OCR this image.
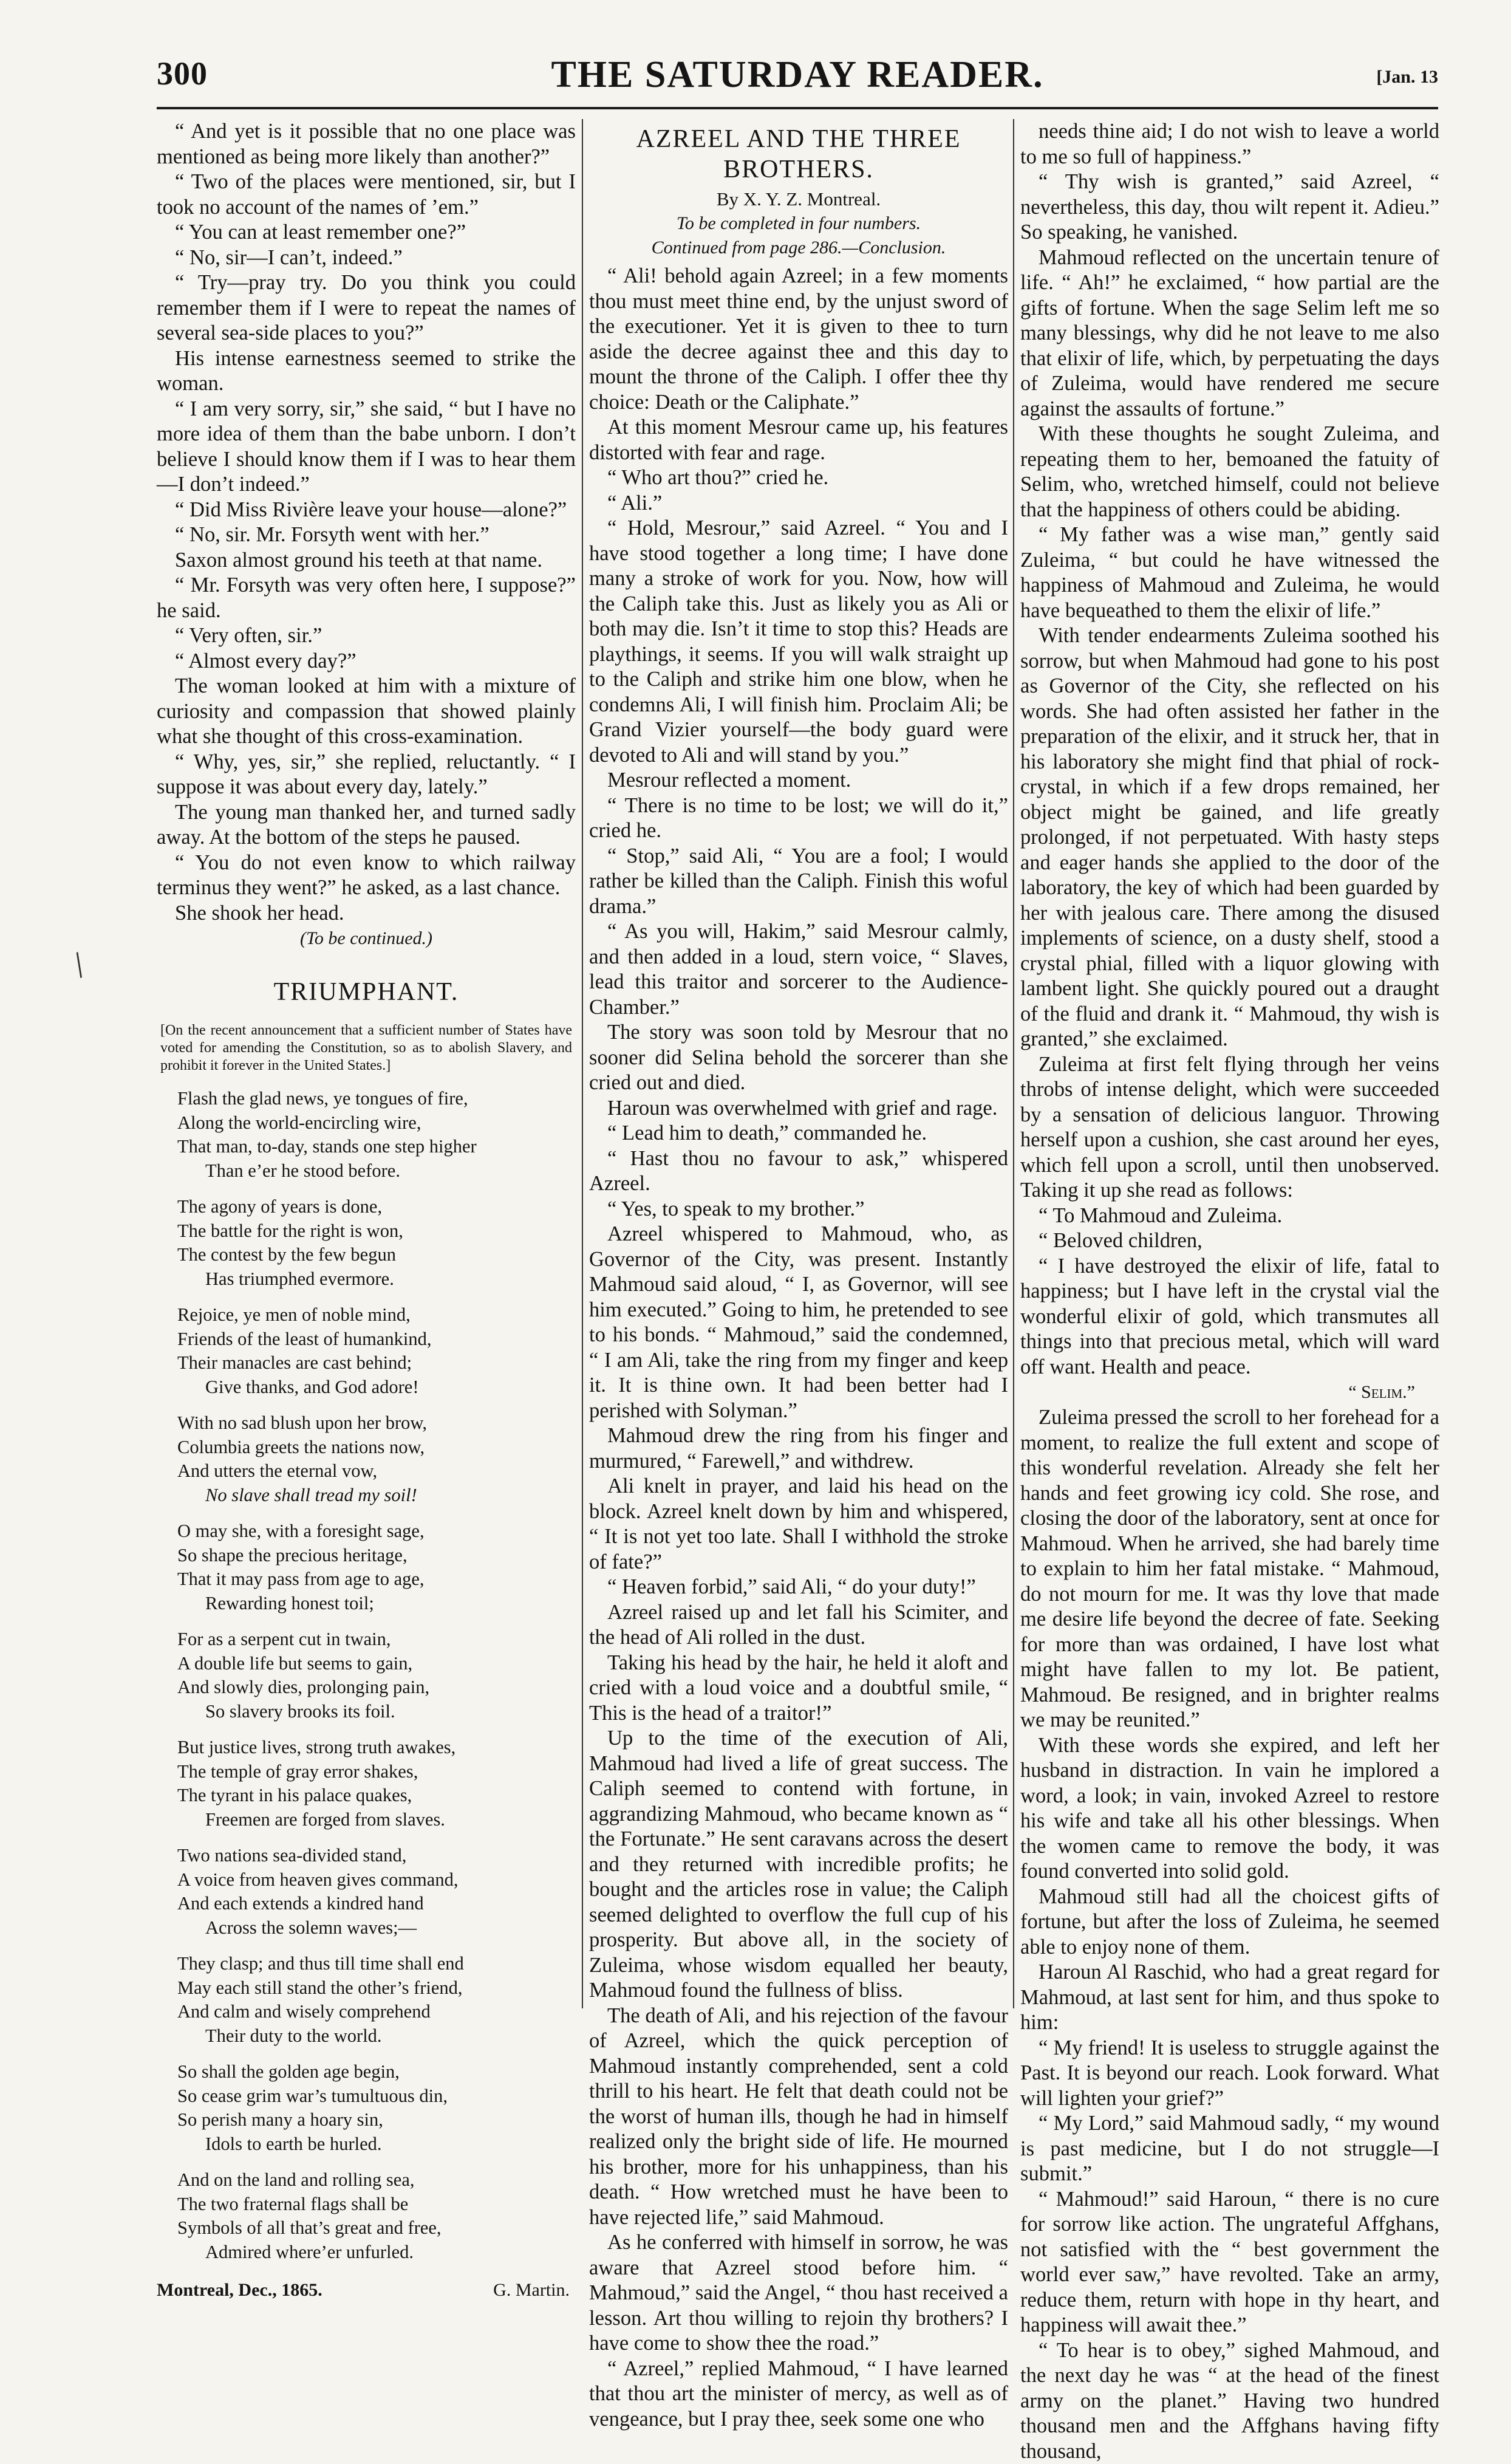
300	THE SATURDAY READER.	[Jan. 13
/

“ And yet is it possible that no one place was mentioned as being more likely than another?”

“ Two of the places were mentioned, sir, but I took no account of the names of ’em.”

“ You can at least remember one?”

“ No, sir—I can’t, indeed.”

“ Try—pray try. Do you think you could remember them if I were to repeat the names of several sea-side places to you?”

His intense earnestness seemed to strike the woman.

“ I am very sorry, sir,” she said, “ but I have no more idea of them than the babe unborn. I don’t believe I should know them if I was to hear them—I don’t indeed.”

“ Did Miss Rivière leave your house—alone?”

“ No, sir. Mr. Forsyth went with her.”

Saxon almost ground his teeth at that name.

“ Mr. Forsyth was very often here, I suppose?” he said.

“ Very often, sir.”

“ Almost every day?”

The woman looked at him with a mixture of curiosity and compassion that showed plainly what she thought of this cross-examination.

“ Why, yes, sir,” she replied, reluctantly. “ I suppose it was about every day, lately.”

The young man thanked her, and turned sadly away. At the bottom of the steps he paused.

“ You do not even know to which railway terminus they went?” he asked, as a last chance.

She shook her head.

(To be continued.)

TRIUMPHANT.
[On the recent announcement that a sufficient number of States have voted for amending the Constitution, so as to abolish Slavery, and prohibit it forever in the United States.]
Flash the glad news, ye tongues of fire,
Along the world-encircling wire,
That man, to-day, stands one step higher
Than e’er he stood before.
The agony of years is done,
The battle for the right is won,
The contest by the few begun
Has triumphed evermore.
Rejoice, ye men of noble mind,
Friends of the least of humankind,
Their manacles are cast behind;
Give thanks, and God adore!
With no sad blush upon her brow,
Columbia greets the nations now,
And utters the eternal vow,
No slave shall tread my soil!
O may she, with a foresight sage,
So shape the precious heritage,
That it may pass from age to age,
Rewarding honest toil;
For as a serpent cut in twain,
A double life but seems to gain,
And slowly dies, prolonging pain,
So slavery brooks its foil.
But justice lives, strong truth awakes,
The temple of gray error shakes,
The tyrant in his palace quakes,
Freemen are forged from slaves.
Two nations sea-divided stand,
A voice from heaven gives command,
And each extends a kindred hand
Across the solemn waves;—
They clasp; and thus till time shall end
May each still stand the other’s friend,
And calm and wisely comprehend
Their duty to the world.
So shall the golden age begin,
So cease grim war’s tumultuous din,
So perish many a hoary sin,
Idols to earth be hurled.
And on the land and rolling sea,
The two fraternal flags shall be
Symbols of all that’s great and free,
Admired where’er unfurled.
Montreal, Dec., 1865.	G. Martin.
AZREEL AND THE THREE BROTHERS.

By X. Y. Z. Montreal.

To be completed in four numbers.

Continued from page 286.—Conclusion.

“ Ali! behold again Azreel; in a few moments thou must meet thine end, by the unjust sword of the executioner. Yet it is given to thee to turn aside the decree against thee and this day to mount the throne of the Caliph. I offer thee thy choice: Death or the Caliphate.”

At this moment Mesrour came up, his features distorted with fear and rage.

“ Who art thou?” cried he.

“ Ali.”

“ Hold, Mesrour,” said Azreel. “ You and I have stood together a long time; I have done many a stroke of work for you. Now, how will the Caliph take this. Just as likely you as Ali or both may die. Isn’t it time to stop this? Heads are playthings, it seems. If you will walk straight up to the Caliph and strike him one blow, when he condemns Ali, I will finish him. Proclaim Ali; be Grand Vizier yourself—the body guard were devoted to Ali and will stand by you.”

Mesrour reflected a moment.

“ There is no time to be lost; we will do it,” cried he.

“ Stop,” said Ali, “ You are a fool; I would rather be killed than the Caliph. Finish this woful drama.”

“ As you will, Hakim,” said Mesrour calmly, and then added in a loud, stern voice, “ Slaves, lead this traitor and sorcerer to the Audience-Chamber.”

The story was soon told by Mesrour that no sooner did Selina behold the sorcerer than she cried out and died.

Haroun was overwhelmed with grief and rage.

“ Lead him to death,” commanded he.

“ Hast thou no favour to ask,” whispered Azreel.

“ Yes, to speak to my brother.”

Azreel whispered to Mahmoud, who, as Governor of the City, was present. Instantly Mahmoud said aloud, “ I, as Governor, will see him executed.” Going to him, he pretended to see to his bonds. “ Mahmoud,” said the condemned, “ I am Ali, take the ring from my finger and keep it. It is thine own. It had been better had I perished with Solyman.”

Mahmoud drew the ring from his finger and murmured, “ Farewell,” and withdrew.

Ali knelt in prayer, and laid his head on the block. Azreel knelt down by him and whispered, “ It is not yet too late. Shall I withhold the stroke of fate?”

“ Heaven forbid,” said Ali, “ do your duty!”

Azreel raised up and let fall his Scimiter, and the head of Ali rolled in the dust.

Taking his head by the hair, he held it aloft and cried with a loud voice and a doubtful smile, “ This is the head of a traitor!”

Up to the time of the execution of Ali, Mahmoud had lived a life of great success. The Caliph seemed to contend with fortune, in aggrandizing Mahmoud, who became known as “ the Fortunate.” He sent caravans across the desert and they returned with incredible profits; he bought and the articles rose in value; the Caliph seemed delighted to overflow the full cup of his prosperity. But above all, in the society of Zuleima, whose wisdom equalled her beauty, Mahmoud found the fullness of bliss.

The death of Ali, and his rejection of the favour of Azreel, which the quick perception of Mahmoud instantly comprehended, sent a cold thrill to his heart. He felt that death could not be the worst of human ills, though he had in himself realized only the bright side of life. He mourned his brother, more for his unhappiness, than his death. “ How wretched must he have been to have rejected life,” said Mahmoud.

As he conferred with himself in sorrow, he was aware that Azreel stood before him. “ Mahmoud,” said the Angel, “ thou hast received a lesson. Art thou willing to rejoin thy brothers? I have come to show thee the road.”

“ Azreel,” replied Mahmoud, “ I have learned that thou art the minister of mercy, as well as of vengeance, but I pray thee, seek some one who

needs thine aid; I do not wish to leave a world to me so full of happiness.”

“ Thy wish is granted,” said Azreel, “ nevertheless, this day, thou wilt repent it. Adieu.” So speaking, he vanished.

Mahmoud reflected on the uncertain tenure of life. “ Ah!” he exclaimed, “ how partial are the gifts of fortune. When the sage Selim left me so many blessings, why did he not leave to me also that elixir of life, which, by perpetuating the days of Zuleima, would have rendered me secure against the assaults of fortune.”

With these thoughts he sought Zuleima, and repeating them to her, bemoaned the fatuity of Selim, who, wretched himself, could not believe that the happiness of others could be abiding.

“ My father was a wise man,” gently said Zuleima, “ but could he have witnessed the happiness of Mahmoud and Zuleima, he would have bequeathed to them the elixir of life.”

With tender endearments Zuleima soothed his sorrow, but when Mahmoud had gone to his post as Governor of the City, she reflected on his words. She had often assisted her father in the preparation of the elixir, and it struck her, that in his laboratory she might find that phial of rock-crystal, in which if a few drops remained, her object might be gained, and life greatly prolonged, if not perpetuated. With hasty steps and eager hands she applied to the door of the laboratory, the key of which had been guarded by her with jealous care. There among the disused implements of science, on a dusty shelf, stood a crystal phial, filled with a liquor glowing with lambent light. She quickly poured out a draught of the fluid and drank it. “ Mahmoud, thy wish is granted,” she exclaimed.

Zuleima at first felt flying through her veins throbs of intense delight, which were succeeded by a sensation of delicious languor. Throwing herself upon a cushion, she cast around her eyes, which fell upon a scroll, until then unobserved. Taking it up she read as follows:

“ To Mahmoud and Zuleima.

“ Beloved children,

“ I have destroyed the elixir of life, fatal to happiness; but I have left in the crystal vial the wonderful elixir of gold, which transmutes all things into that precious metal, which will ward off want. Health and peace.

“ Selim.”

Zuleima pressed the scroll to her forehead for a moment, to realize the full extent and scope of this wonderful revelation. Already she felt her hands and feet growing icy cold. She rose, and closing the door of the laboratory, sent at once for Mahmoud. When he arrived, she had barely time to explain to him her fatal mistake. “ Mahmoud, do not mourn for me. It was thy love that made me desire life beyond the decree of fate. Seeking for more than was ordained, I have lost what might have fallen to my lot. Be patient, Mahmoud. Be resigned, and in brighter realms we may be reunited.”

With these words she expired, and left her husband in distraction. In vain he implored a word, a look; in vain, invoked Azreel to restore his wife and take all his other blessings. When the women came to remove the body, it was found converted into solid gold.

Mahmoud still had all the choicest gifts of fortune, but after the loss of Zuleima, he seemed able to enjoy none of them.

Haroun Al Raschid, who had a great regard for Mahmoud, at last sent for him, and thus spoke to him:

“ My friend! It is useless to struggle against the Past. It is beyond our reach. Look forward. What will lighten your grief?”

“ My Lord,” said Mahmoud sadly, “ my wound is past medicine, but I do not struggle—I submit.”

“ Mahmoud!” said Haroun, “ there is no cure for sorrow like action. The ungrateful Affghans, not satisfied with the “ best government the world ever saw,” have revolted. Take an army, reduce them, return with hope in thy heart, and happiness will await thee.”

“ To hear is to obey,” sighed Mahmoud, and the next day he was “ at the head of the finest army on the planet.” Having two hundred thousand men and the Affghans having fifty thousand,
